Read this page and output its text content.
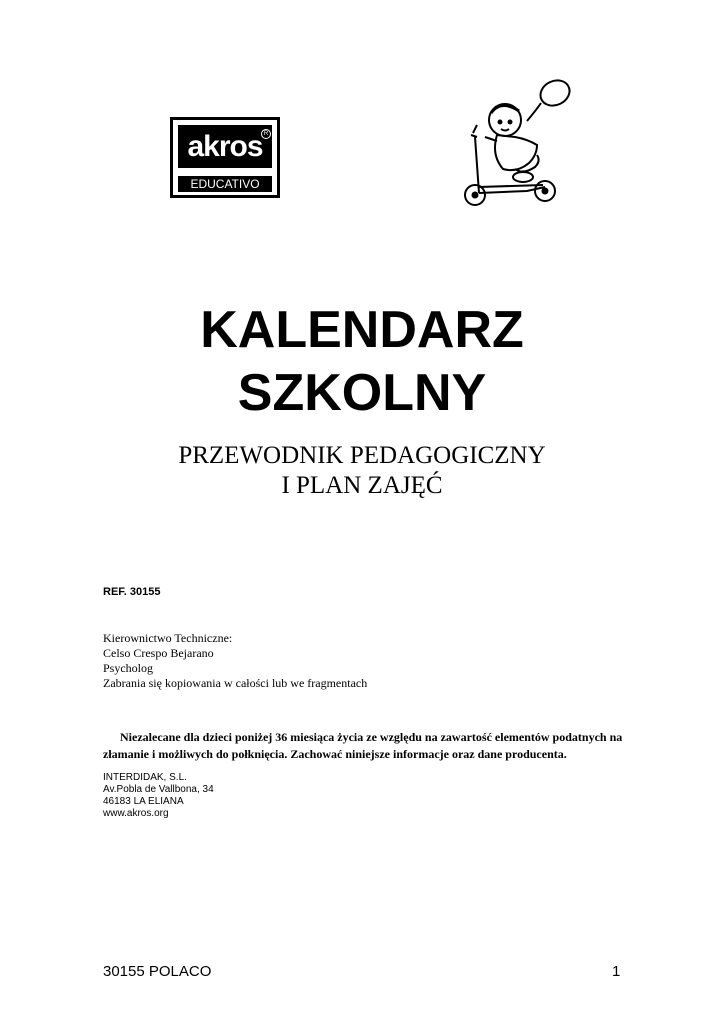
akros R
EDUCATIVO
KALENDARZ
SZKOLNY
PRZEWODNIK PEDAGOGICZNY
I PLAN ZAJĘĆ
REF. 30155
Kierownictwo Techniczne:
Celso Crespo Bejarano
Psycholog
Zabrania się kopiowania w całości lub we fragmentach
Niezalecane dla dzieci poniżej 36 miesiąca życia ze względu na zawartość elementów podatnych na złamanie i możliwych do połknięcia. Zachować niniejsze informacje oraz dane producenta.
INTERDIDAK, S.L.
Av.Pobla de Vallbona, 34
46183 LA ELIANA
www.akros.org
30155 POLACO	1
